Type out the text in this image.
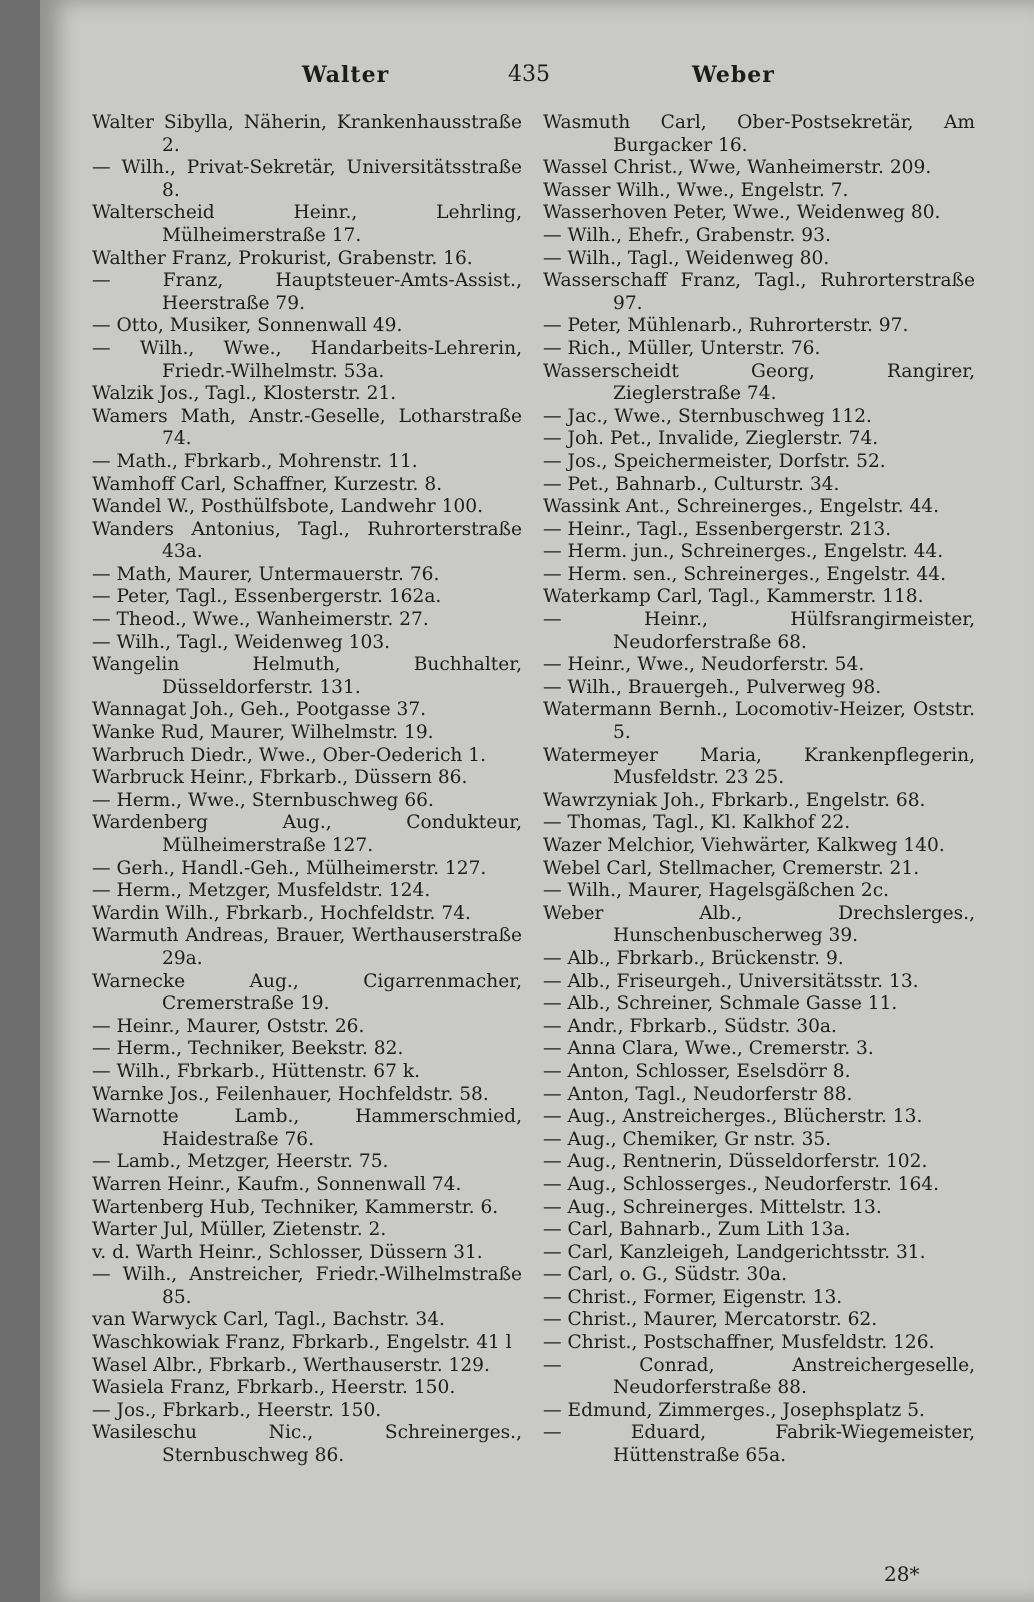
Walter	435	Weber
Walter Sibylla, Näherin, Krankenhausstraße 2.
— Wilh., Privat-Sekretär, Universitätsstraße 8.
Walterscheid Heinr., Lehrling, Mülheimerstraße 17.
Walther Franz, Prokurist, Grabenstr. 16.
— Franz, Hauptsteuer-Amts-Assist., Heerstraße 79.
— Otto, Musiker, Sonnenwall 49.
— Wilh., Wwe., Handarbeits-Lehrerin, Friedr.-Wilhelmstr. 53a.
Walzik Jos., Tagl., Klosterstr. 21.
Wamers Math, Anstr.-Geselle, Lotharstraße 74.
— Math., Fbrkarb., Mohrenstr. 11.
Wamhoff Carl, Schaffner, Kurzestr. 8.
Wandel W., Posthülfsbote, Landwehr 100.
Wanders Antonius, Tagl., Ruhrorterstraße 43a.
— Math, Maurer, Untermauerstr. 76.
— Peter, Tagl., Essenbergerstr. 162a.
— Theod., Wwe., Wanheimerstr. 27.
— Wilh., Tagl., Weidenweg 103.
Wangelin Helmuth, Buchhalter, Düsseldorferstr. 131.
Wannagat Joh., Geh., Pootgasse 37.
Wanke Rud, Maurer, Wilhelmstr. 19.
Warbruch Diedr., Wwe., Ober-Oederich 1.
Warbruck Heinr., Fbrkarb., Düssern 86.
— Herm., Wwe., Sternbuschweg 66.
Wardenberg Aug., Condukteur, Mülheimerstraße 127.
— Gerh., Handl.-Geh., Mülheimerstr. 127.
— Herm., Metzger, Musfeldstr. 124.
Wardin Wilh., Fbrkarb., Hochfeldstr. 74.
Warmuth Andreas, Brauer, Werthauserstraße 29a.
Warnecke Aug., Cigarrenmacher, Cremerstraße 19.
— Heinr., Maurer, Oststr. 26.
— Herm., Techniker, Beekstr. 82.
— Wilh., Fbrkarb., Hüttenstr. 67 k.
Warnke Jos., Feilenhauer, Hochfeldstr. 58.
Warnotte Lamb., Hammerschmied, Haidestraße 76.
— Lamb., Metzger, Heerstr. 75.
Warren Heinr., Kaufm., Sonnenwall 74.
Wartenberg Hub, Techniker, Kammerstr. 6.
Warter Jul, Müller, Zietenstr. 2.
v. d. Warth Heinr., Schlosser, Düssern 31.
— Wilh., Anstreicher, Friedr.-Wilhelmstraße 85.
van Warwyck Carl, Tagl., Bachstr. 34.
Waschkowiak Franz, Fbrkarb., Engelstr. 41 l
Wasel Albr., Fbrkarb., Werthauserstr. 129.
Wasiela Franz, Fbrkarb., Heerstr. 150.
— Jos., Fbrkarb., Heerstr. 150.
Wasileschu Nic., Schreinerges., Sternbuschweg 86.
Wasmuth Carl, Ober-Postsekretär, Am Burgacker 16.
Wassel Christ., Wwe, Wanheimerstr. 209.
Wasser Wilh., Wwe., Engelstr. 7.
Wasserhoven Peter, Wwe., Weidenweg 80.
— Wilh., Ehefr., Grabenstr. 93.
— Wilh., Tagl., Weidenweg 80.
Wasserschaff Franz, Tagl., Ruhrorterstraße 97.
— Peter, Mühlenarb., Ruhrorterstr. 97.
— Rich., Müller, Unterstr. 76.
Wasserscheidt Georg, Rangirer, Zieglerstraße 74.
— Jac., Wwe., Sternbuschweg 112.
— Joh. Pet., Invalide, Zieglerstr. 74.
— Jos., Speichermeister, Dorfstr. 52.
— Pet., Bahnarb., Culturstr. 34.
Wassink Ant., Schreinerges., Engelstr. 44.
— Heinr., Tagl., Essenbergerstr. 213.
— Herm. jun., Schreinerges., Engelstr. 44.
— Herm. sen., Schreinerges., Engelstr. 44.
Waterkamp Carl, Tagl., Kammerstr. 118.
— Heinr., Hülfsrangirmeister, Neudorferstraße 68.
— Heinr., Wwe., Neudorferstr. 54.
— Wilh., Brauergeh., Pulverweg 98.
Watermann Bernh., Locomotiv-Heizer, Oststr. 5.
Watermeyer Maria, Krankenpflegerin, Musfeldstr. 23 25.
Wawrzyniak Joh., Fbrkarb., Engelstr. 68.
— Thomas, Tagl., Kl. Kalkhof 22.
Wazer Melchior, Viehwärter, Kalkweg 140.
Webel Carl, Stellmacher, Cremerstr. 21.
— Wilh., Maurer, Hagelsgäßchen 2c.
Weber Alb., Drechslerges., Hunschenbuscherweg 39.
— Alb., Fbrkarb., Brückenstr. 9.
— Alb., Friseurgeh., Universitätsstr. 13.
— Alb., Schreiner, Schmale Gasse 11.
— Andr., Fbrkarb., Südstr. 30a.
— Anna Clara, Wwe., Cremerstr. 3.
— Anton, Schlosser, Eselsdörr 8.
— Anton, Tagl., Neudorferstr 88.
— Aug., Anstreicherges., Blücherstr. 13.
— Aug., Chemiker, Gr nstr. 35.
— Aug., Rentnerin, Düsseldorferstr. 102.
— Aug., Schlosserges., Neudorferstr. 164.
— Aug., Schreinerges. Mittelstr. 13.
— Carl, Bahnarb., Zum Lith 13a.
— Carl, Kanzleigeh, Landgerichtsstr. 31.
— Carl, o. G., Südstr. 30a.
— Christ., Former, Eigenstr. 13.
— Christ., Maurer, Mercatorstr. 62.
— Christ., Postschaffner, Musfeldstr. 126.
— Conrad, Anstreichergeselle, Neudorferstraße 88.
— Edmund, Zimmerges., Josephsplatz 5.
— Eduard, Fabrik-Wiegemeister, Hüttenstraße 65a.
28*
